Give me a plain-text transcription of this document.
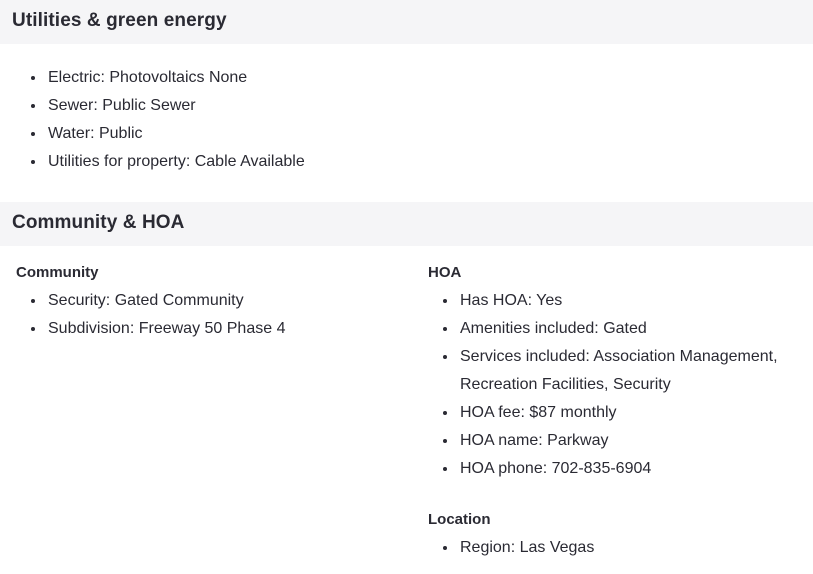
Utilities & green energy
• Electric: Photovoltaics None
• Sewer: Public Sewer
• Water: Public
• Utilities for property: Cable Available
Community & HOA
Community
• Security: Gated Community
• Subdivision: Freeway 50 Phase 4
HOA
• Has HOA: Yes
• Amenities included: Gated
• Services included: Association Management, Recreation Facilities, Security
• HOA fee: $87 monthly
• HOA name: Parkway
• HOA phone: 702-835-6904
Location
• Region: Las Vegas
